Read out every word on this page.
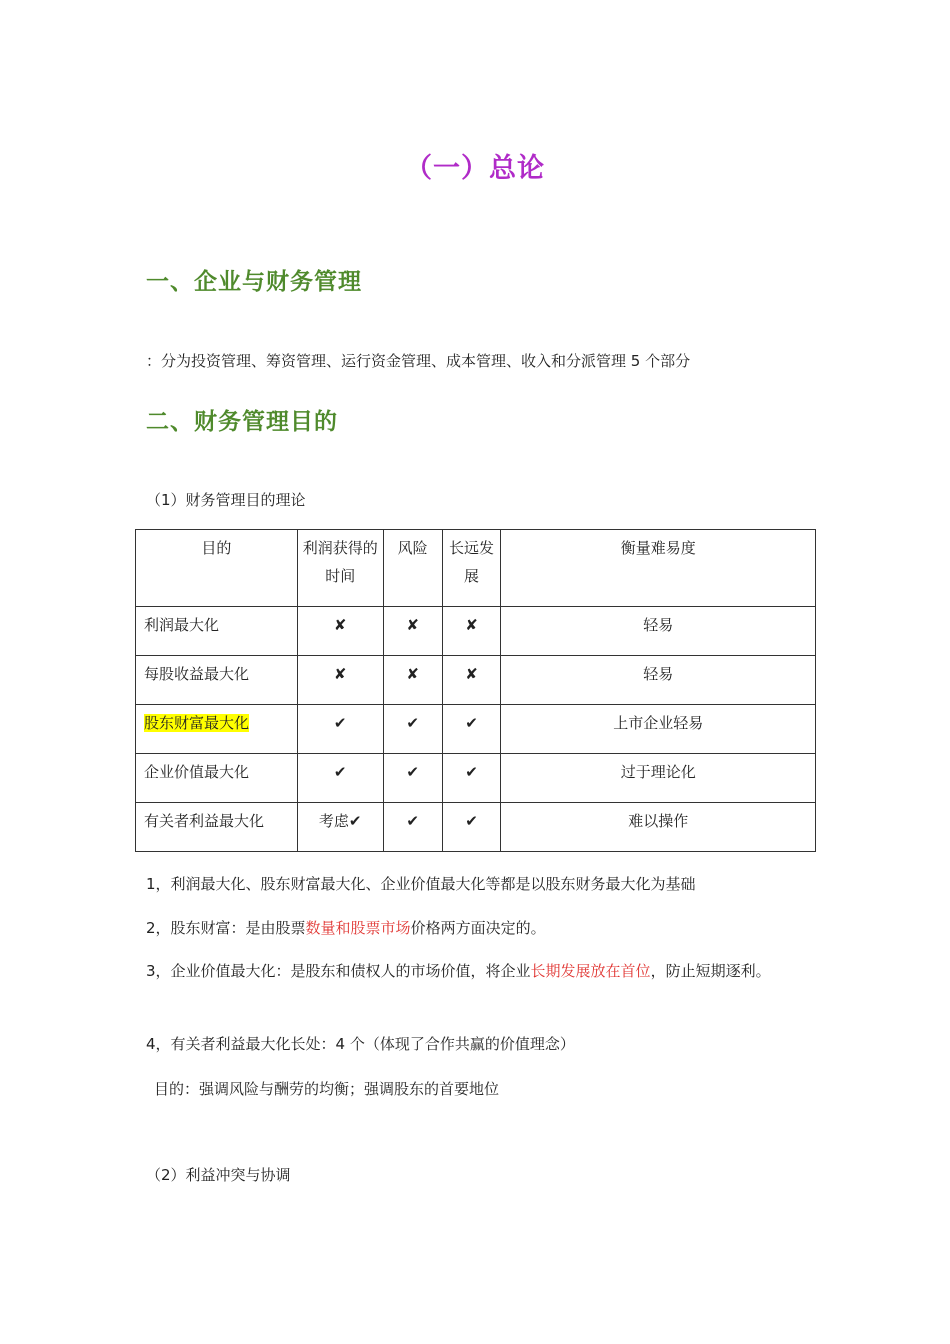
（一）总论
一、企业与财务管理
：分为投资管理、筹资管理、运行资金管理、成本管理、收入和分派管理 5 个部分
二、财务管理目的
（1）财务管理目的理论
目的	利润获得的时间	风险	长远发展	衡量难易度
利润最大化	✘	✘	✘	轻易
每股收益最大化	✘	✘	✘	轻易
股东财富最大化	✔	✔	✔	上市企业轻易
企业价值最大化	✔	✔	✔	过于理论化
有关者利益最大化	考虑✔	✔	✔	难以操作
1，利润最大化、股东财富最大化、企业价值最大化等都是以股东财务最大化为基础
2，股东财富：是由股票数量和股票市场价格两方面决定的。
3，企业价值最大化：是股东和债权人的市场价值，将企业长期发展放在首位，防止短期逐利。
4，有关者利益最大化长处：4 个（体现了合作共赢的价值理念）
目的：强调风险与酬劳的均衡；强调股东的首要地位
（2）利益冲突与协调
